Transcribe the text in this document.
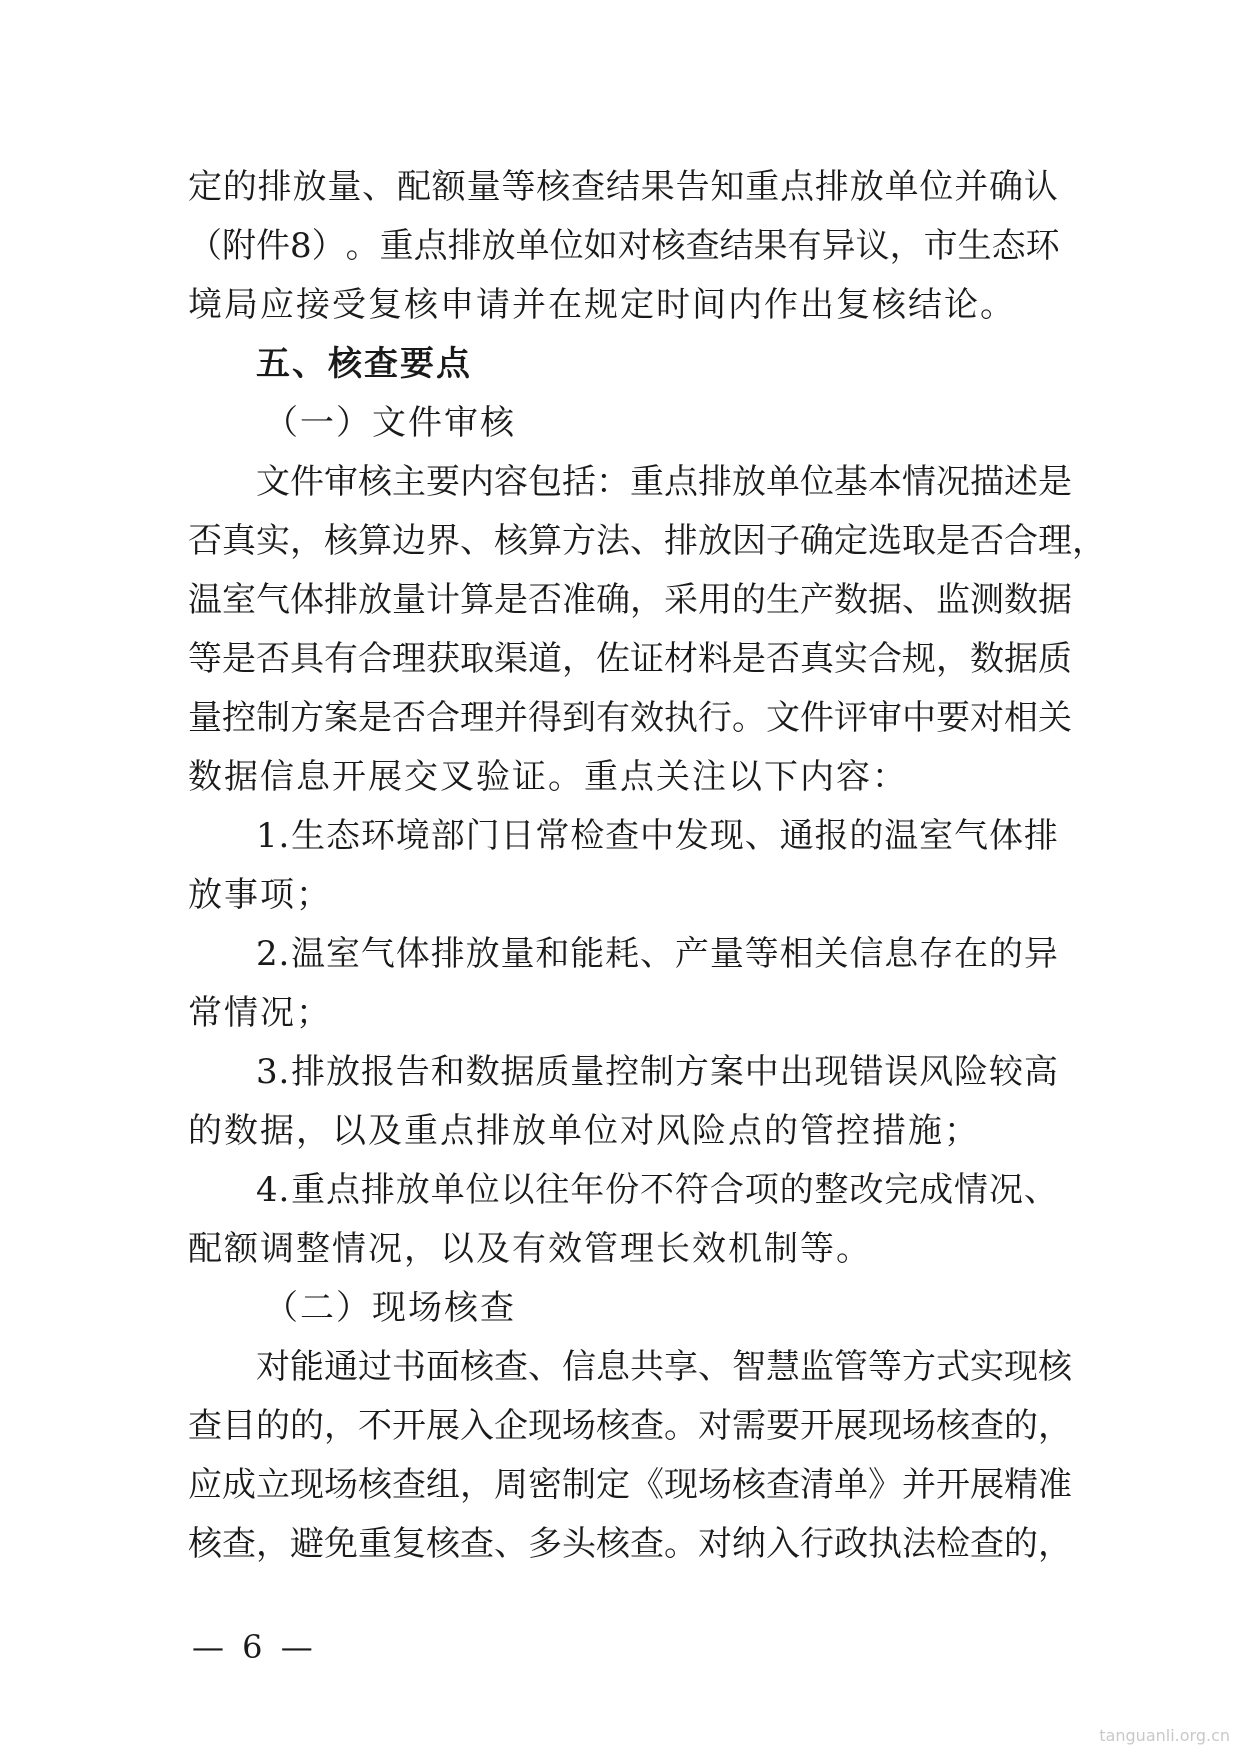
定 的 排 放 量 、 配 额 量 等 核 查 结 果 告 知 重 点 排 放 单 位 并 确 认
（ 附 件 8 ） 。 重 点 排 放 单 位 如 对 核 查 结 果 有 异 议 ， 市 生 态 环
境局应接受复核申请并在规定时间内作出复核结论。
五、核查要点
（一）文件审核
文 件 审 核 主 要 内 容 包 括 ： 重 点 排 放 单 位 基 本 情 况 描 述 是
否 真 实 ， 核 算 边 界 、 核 算 方 法 、 排 放 因 子 确 定 选 取 是 否 合 理 ，
温 室 气 体 排 放 量 计 算 是 否 准 确 ， 采 用 的 生 产 数 据 、 监 测 数 据
等 是 否 具 有 合 理 获 取 渠 道 ， 佐 证 材 料 是 否 真 实 合 规 ， 数 据 质
量 控 制 方 案 是 否 合 理 并 得 到 有 效 执 行 。 文 件 评 审 中 要 对 相 关
数据信息开展交叉验证。重点关注以下内容：
1 . 生 态 环 境 部 门 日 常 检 查 中 发 现 、 通 报 的 温 室 气 体 排
放事项；
2 . 温 室 气 体 排 放 量 和 能 耗 、 产 量 等 相 关 信 息 存 在 的 异
常情况；
3 . 排 放 报 告 和 数 据 质 量 控 制 方 案 中 出 现 错 误 风 险 较 高
的数据，以及重点排放单位对风险点的管控措施；
4 . 重 点 排 放 单 位 以 往 年 份 不 符 合 项 的 整 改 完 成 情 况 、
配额调整情况，以及有效管理长效机制等。
（二）现场核查
对 能 通 过 书 面 核 查 、 信 息 共 享 、 智 慧 监 管 等 方 式 实 现 核
查 目 的 的 ， 不 开 展 入 企 现 场 核 查 。 对 需 要 开 展 现 场 核 查 的 ，
应 成 立 现 场 核 查 组 ， 周 密 制 定 《 现 场 核 查 清 单 》 并 开 展 精 准
核 查 ， 避 免 重 复 核 查 、 多 头 核 查 。 对 纳 入 行 政 执 法 检 查 的 ，
— 6 —
tanguanli.org.cn
